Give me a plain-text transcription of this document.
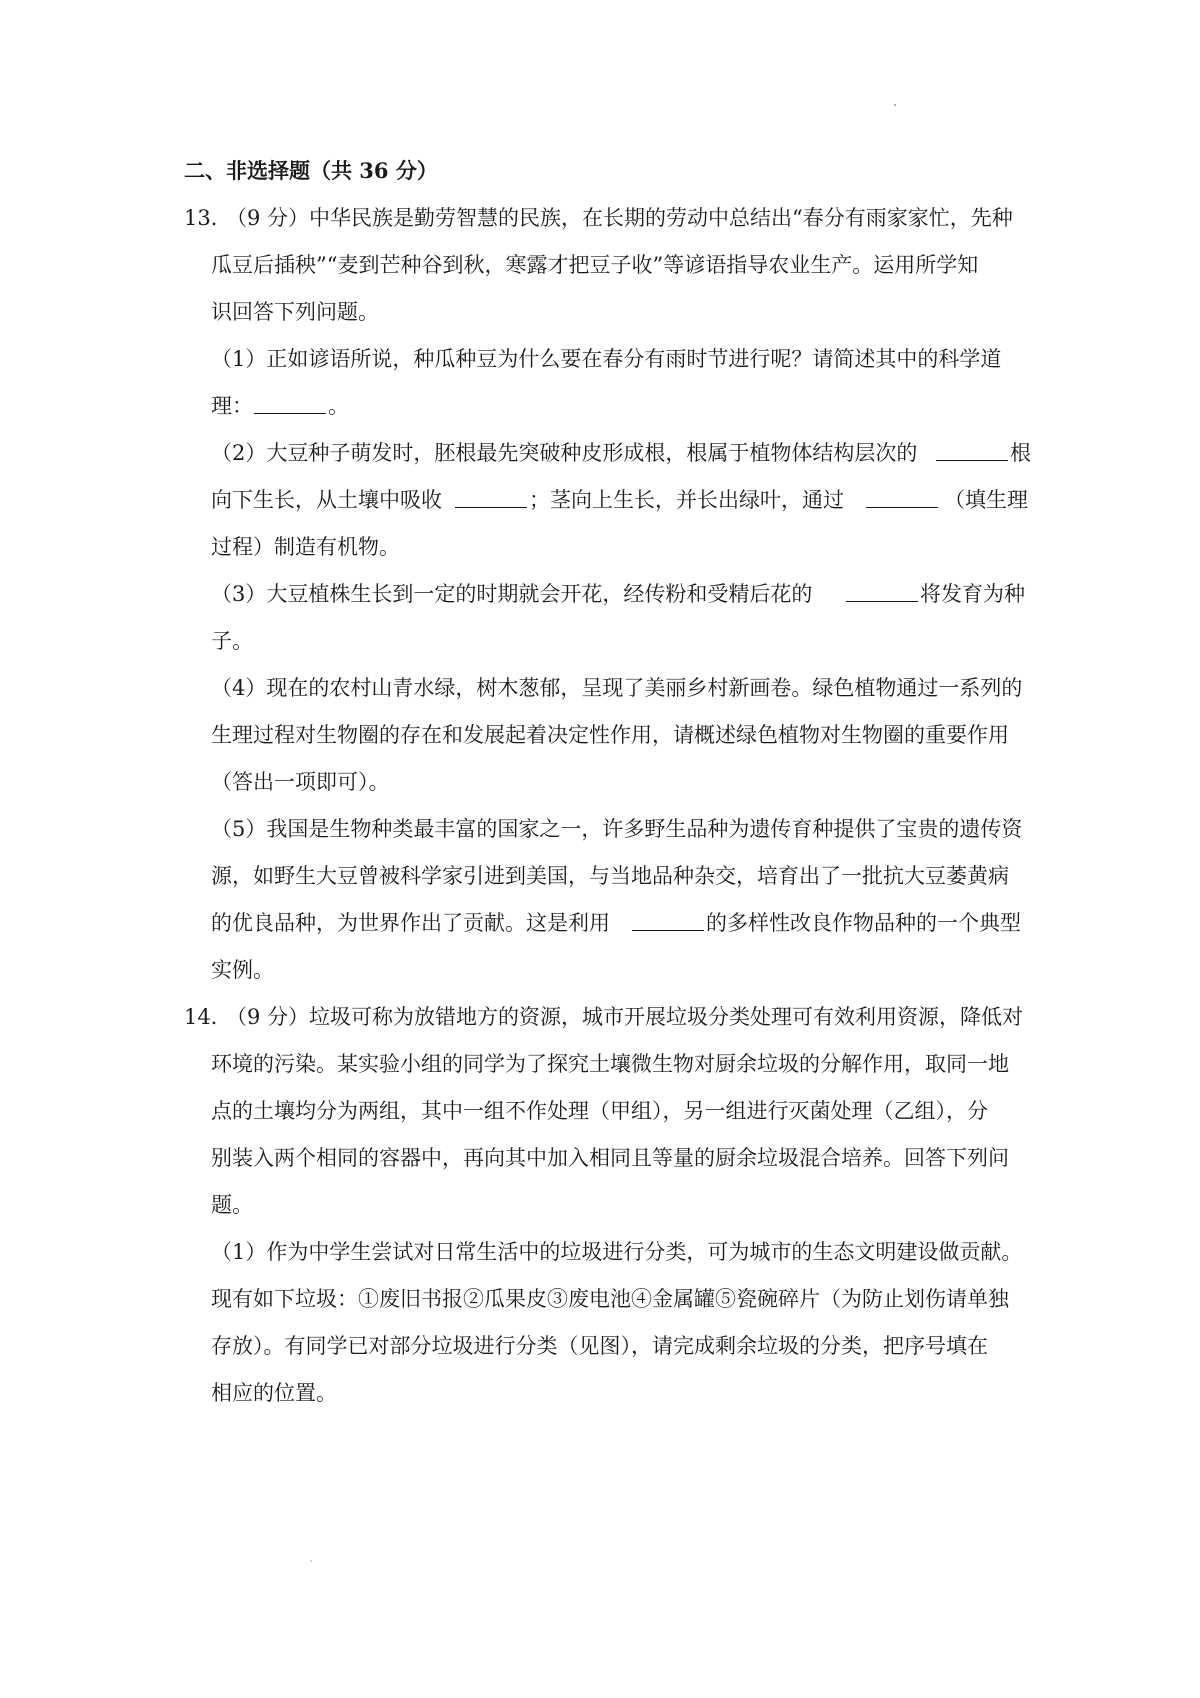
二、非选择题（共 36 分）
13．
（9 分）中华民族是勤劳智慧的民族，在长期的劳动中总结出“春分有雨家家忙，先种
瓜豆后插秧”“麦到芒种谷到秋，寒露才把豆子收”等谚语指导农业生产。运用所学知
识回答下列问题。
（1）正如谚语所说，种瓜种豆为什么要在春分有雨时节进行呢？请简述其中的科学道
理：	。
（2）大豆种子萌发时，胚根最先突破种皮形成根，根属于植物体结构层次的	根
向下生长，从土壤中吸收	；茎向上生长，并长出绿叶，通过	（填生理
过程）制造有机物。
（3）大豆植株生长到一定的时期就会开花，经传粉和受精后花的	将发育为种
子。
（4）现在的农村山青水绿，树木葱郁，呈现了美丽乡村新画卷。绿色植物通过一系列的
生理过程对生物圈的存在和发展起着决定性作用，请概述绿色植物对生物圈的重要作用
（答出一项即可）。
（5）我国是生物种类最丰富的国家之一，许多野生品种为遗传育种提供了宝贵的遗传资
源，如野生大豆曾被科学家引进到美国，与当地品种杂交，培育出了一批抗大豆萎黄病
的优良品种，为世界作出了贡献。这是利用	的多样性改良作物品种的一个典型
实例。
14．
（9 分）垃圾可称为放错地方的资源，城市开展垃圾分类处理可有效利用资源，降低对
环境的污染。某实验小组的同学为了探究土壤微生物对厨余垃圾的分解作用，取同一地
点的土壤均分为两组，其中一组不作处理（甲组），另一组进行灭菌处理（乙组），分
别装入两个相同的容器中，再向其中加入相同且等量的厨余垃圾混合培养。回答下列问
题。
（1）作为中学生尝试对日常生活中的垃圾进行分类，可为城市的生态文明建设做贡献。
现有如下垃圾：①废旧书报②瓜果皮③废电池④金属罐⑤瓷碗碎片（为防止划伤请单独
存放）。有同学已对部分垃圾进行分类（见图），请完成剩余垃圾的分类，把序号填在
相应的位置。
